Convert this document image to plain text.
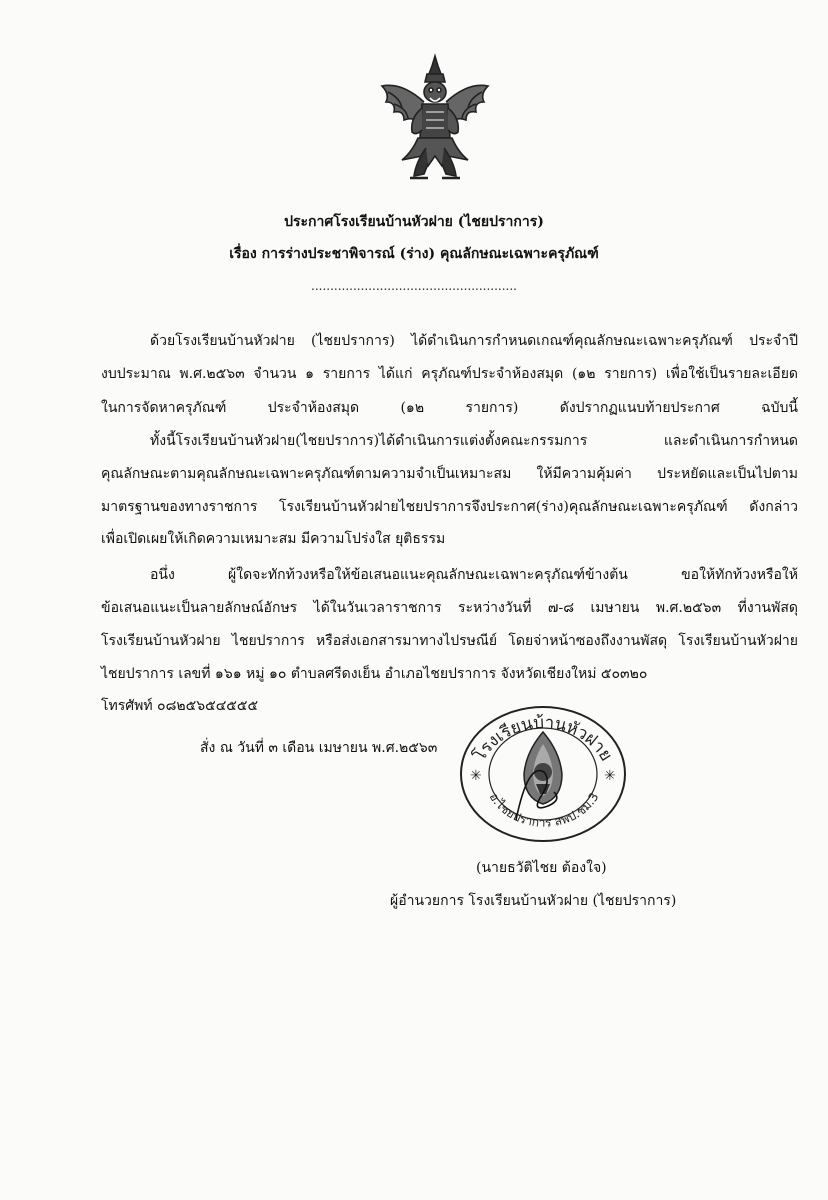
ประกาศโรงเรียนบ้านหัวฝาย (ไชยปราการ)
เรื่อง การร่างประชาพิจารณ์ (ร่าง) คุณลักษณะเฉพาะครุภัณฑ์
......................................................
ด้วยโรงเรียนบ้านหัวฝาย (ไชยปราการ) ได้ดำเนินการกำหนดเกณฑ์คุณลักษณะเฉพาะครุภัณฑ์ ประจำปี
งบประมาณ พ.ศ.๒๕๖๓ จำนวน ๑ รายการ ได้แก่ ครุภัณฑ์ประจำห้องสมุด (๑๒ รายการ) เพื่อใช้เป็นรายละเอียด
ในการจัดหาครุภัณฑ์ ประจำห้องสมุด (๑๒ รายการ) ดังปรากฏแนบท้ายประกาศ ฉบับนี้
ทั้งนี้โรงเรียนบ้านหัวฝาย(ไชยปราการ)ได้ดำเนินการแต่งตั้งคณะกรรมการ และดำเนินการกำหนด
คุณลักษณะตามคุณลักษณะเฉพาะครุภัณฑ์ตามความจำเป็นเหมาะสม ให้มีความคุ้มค่า ประหยัดและเป็นไปตาม
มาตรฐานของทางราชการ โรงเรียนบ้านหัวฝายไชยปราการจึงประกาศ(ร่าง)คุณลักษณะเฉพาะครุภัณฑ์ ดังกล่าว
เพื่อเปิดเผยให้เกิดความเหมาะสม มีความโปร่งใส ยุติธรรม
อนึ่ง ผู้ใดจะทักท้วงหรือให้ข้อเสนอแนะคุณลักษณะเฉพาะครุภัณฑ์ข้างต้น ขอให้ทักท้วงหรือให้
ข้อเสนอแนะเป็นลายลักษณ์อักษร ได้ในวันเวลาราชการ ระหว่างวันที่ ๗-๘ เมษายน พ.ศ.๒๕๖๓ ที่งานพัสดุ
โรงเรียนบ้านหัวฝาย ไชยปราการ หรือส่งเอกสารมาทางไปรษณีย์ โดยจ่าหน้าซองถึงงานพัสดุ โรงเรียนบ้านหัวฝาย
ไชยปราการ เลขที่ ๑๖๑ หมู่ ๑๐ ตำบลศรีดงเย็น อำเภอไชยปราการ จังหวัดเชียงใหม่ ๕๐๓๒๐
โทรศัพท์ ๐๘๒๕๖๕๔๕๕๕
สั่ง ณ วันที่ ๓ เดือน เมษายน พ.ศ.๒๕๖๓ โรงเรียนบ้านหัวฝาย
อ.ไชยปราการ สพป.ชม.3
✳	✳
(นายธวัติไชย ต้องใจ)
ผู้อำนวยการ โรงเรียนบ้านหัวฝาย (ไชยปราการ)
